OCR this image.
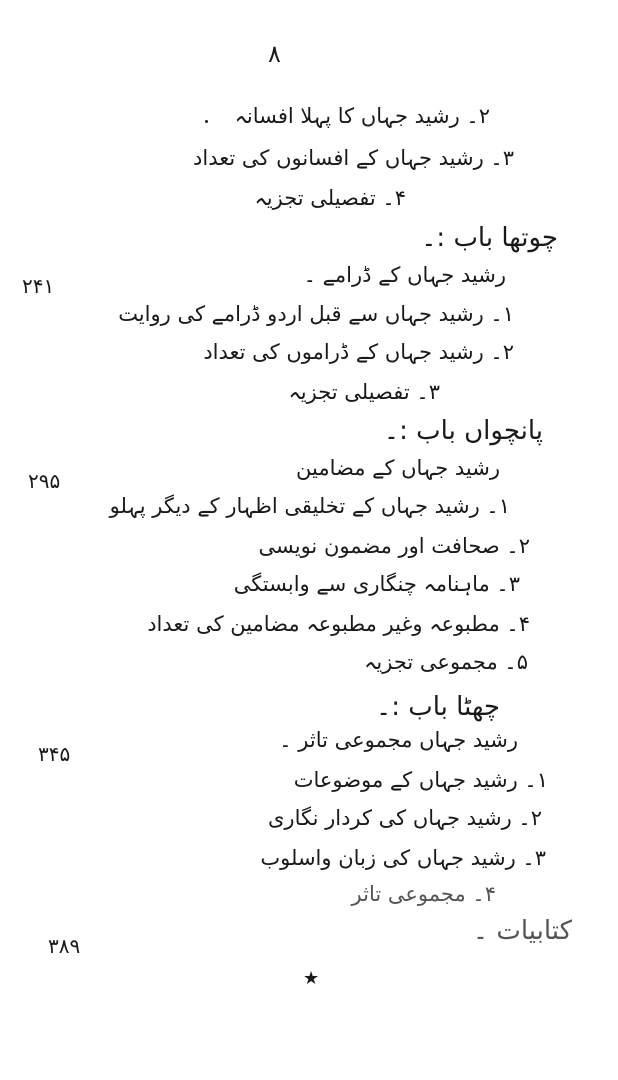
۸
۲۔ رشید جہاں کا پہلا افسانہ
۳۔ رشید جہاں کے افسانوں کی تعداد
۴۔ تفصیلی تجزیہ
چوتھا باب :۔
رشید جہاں کے ڈرامے ۔
۲۴۱
۱۔ رشید جہاں سے قبل اردو ڈرامے کی روایت
۲۔ رشید جہاں کے ڈراموں کی تعداد
۳۔ تفصیلی تجزیہ
پانچواں باب :۔
رشید جہاں کے مضامین
۲۹۵
۱۔ رشید جہاں کے تخلیقی اظہار کے دیگر پہلو
۲۔ صحافت اور مضمون نویسی
۳۔ ماہنامہ چنگاری سے وابستگی
۴۔ مطبوعہ وغیر مطبوعہ مضامین کی تعداد
۵۔ مجموعی تجزیہ
چھٹا باب :۔
رشید جہاں مجموعی تاثر ۔
۳۴۵
۱۔ رشید جہاں کے موضوعات
۲۔ رشید جہاں کی کردار نگاری
۳۔ رشید جہاں کی زبان واسلوب
۴۔ مجموعی تاثر
کتابیات ۔
۳۸۹
★
